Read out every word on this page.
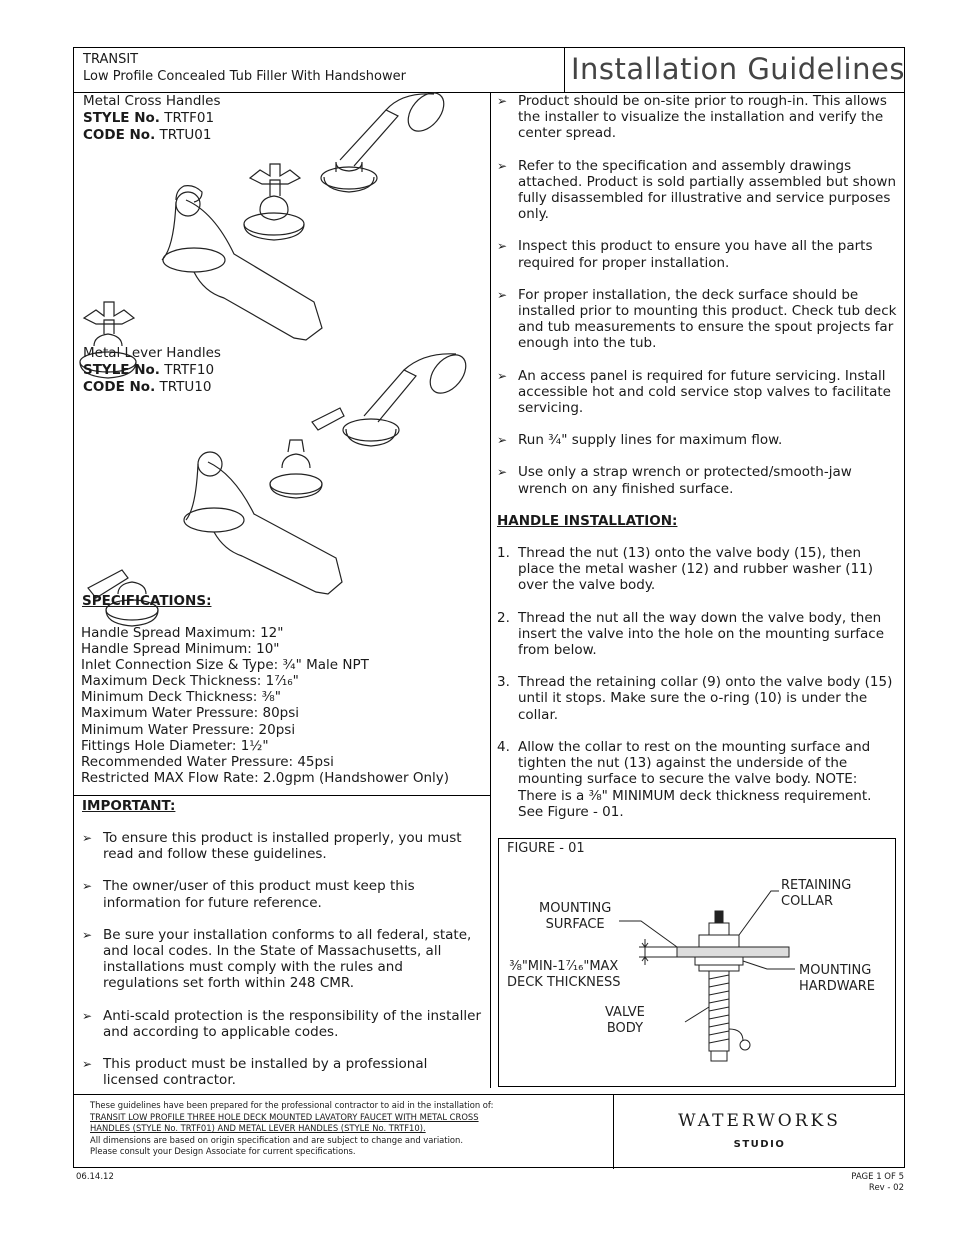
TRANSIT
Low Profile Concealed Tub Filler With Handshower	Installation Guidelines
Metal Cross Handles
STYLE No. TRTF01
CODE No. TRTU01
Metal Lever Handles
STYLE No. TRTF10
CODE No. TRTU10
SPECIFICATIONS:
Handle Spread Maximum: 12"
Handle Spread Minimum: 10"
Inlet Connection Size & Type: ¾" Male NPT
Maximum Deck Thickness: 1⁷⁄₁₆"
Minimum Deck Thickness: ⅜"
Maximum Water Pressure: 80psi
Minimum Water Pressure: 20psi
Fittings Hole Diameter: 1½"
Recommended Water Pressure: 45psi
Restricted MAX Flow Rate: 2.0gpm (Handshower Only)
IMPORTANT:
➢ To ensure this product is installed properly, you must read and follow these guidelines.
➢ The owner/user of this product must keep this information for future reference.
➢ Be sure your installation conforms to all federal, state, and local codes. In the State of Massachusetts, all installations must comply with the rules and regulations set forth within 248 CMR.
➢ Anti-scald protection is the responsibility of the installer and according to applicable codes.
➢ This product must be installed by a professional licensed contractor.
➢ Product should be on-site prior to rough-in. This allows the installer to visualize the installation and verify the center spread.
➢ Refer to the specification and assembly drawings attached. Product is sold partially assembled but shown fully disassembled for illustrative and service purposes only.
➢ Inspect this product to ensure you have all the parts required for proper installation.
➢ For proper installation, the deck surface should be installed prior to mounting this product. Check tub deck and tub measurements to ensure the spout projects far enough into the tub.
➢ An access panel is required for future servicing. Install accessible hot and cold service stop valves to facilitate servicing.
➢ Run ¾" supply lines for maximum flow.
➢ Use only a strap wrench or protected/smooth-jaw wrench on any finished surface.
HANDLE INSTALLATION:
1. Thread the nut (13) onto the valve body (15), then place the metal washer (12) and rubber washer (11) over the valve body.
2. Thread the nut all the way down the valve body, then insert the valve into the hole on the mounting surface from below.
3. Thread the retaining collar (9) onto the valve body (15) until it stops. Make sure the o-ring (10) is under the collar.
4. Allow the collar to rest on the mounting surface and tighten the nut (13) against the underside of the mounting surface to secure the valve body. NOTE: There is a ⅜" MINIMUM deck thickness requirement. See Figure - 01.
FIGURE - 01
RETAINING
COLLAR
MOUNTING
SURFACE
⅜"MIN-1⁷⁄₁₆"MAX
DECK THICKNESS
MOUNTING
HARDWARE
VALVE
BODY
These guidelines have been prepared for the professional contractor to aid in the installation of:
TRANSIT LOW PROFILE THREE HOLE DECK MOUNTED LAVATORY FAUCET WITH METAL CROSS
HANDLES (STYLE No. TRTF01) AND METAL LEVER HANDLES (STYLE No. TRTF10).
All dimensions are based on origin specification and are subject to change and variation.
Please consult your Design Associate for current specifications.
WATERWORKS
STUDIO
06.14.12	PAGE 1 OF 5
Rev - 02
